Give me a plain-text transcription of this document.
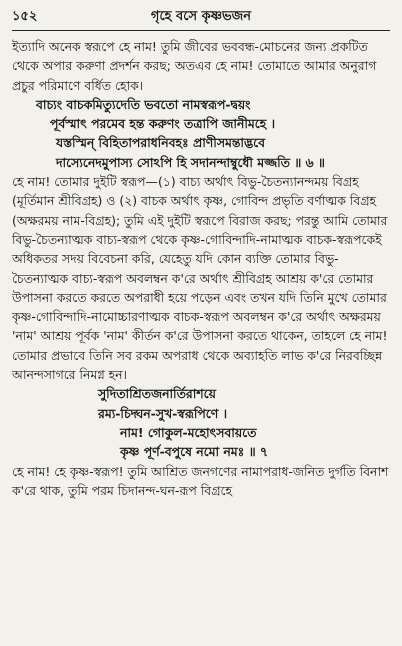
১৫২	গৃহে বসে কৃষ্ণভজন

ইত্যাদি অনেক স্বরূপে হে নাম! তুমি জীবের ভববন্ধ-মোচনের জন্য প্রকটিত থেকে অপার করুণা প্রদর্শন করছ; অতএব হে নাম! তোমাতে আমার অনুরাগ প্রচুর পরিমাণে বর্ধিত হোক।

বাচ্যং বাচকমিত্যুদেতি ভবতো নামস্বরূপ-দ্বয়ং
পূর্বস্মাৎ পরমেব হন্ত করুণং তত্রাপি জানীমহে ।
যস্তস্মিন্ বিহিতাপরাধনিবহঃ প্রাণীসমন্তাদ্ভবে
দাস্যেনেদমুপাস্য সোঽপি হি সদানন্দাম্বুধৌ মজ্জতি ॥ ৬ ॥

হে নাম! তোমার দুইটি স্বরূপ—(১) বাচ্য অর্থাৎ বিভু-চৈতন্যানন্দময় বিগ্রহ (মূর্তিমান শ্রীবিগ্রহ) ও (২) বাচক অর্থাৎ কৃষ্ণ, গোবিন্দ প্রভৃতি বর্ণাত্মক বিগ্রহ (অক্ষরময় নাম-বিগ্রহ); তুমি এই দুইটি স্বরূপে বিরাজ করছ; পরন্তু আমি তোমার বিভু-চৈতন্যাত্মক বাচ্য-স্বরূপ থেকে কৃষ্ণ-গোবিন্দাদি-নামাত্মক বাচক-স্বরূপকেই অধিকতর সদয় বিবেচনা করি, যেহেতু যদি কোন ব্যক্তি তোমার বিভু-চৈতন্যাত্মক বাচ্য-স্বরূপ অবলম্বন ক'রে অর্থাৎ শ্রীবিগ্রহ আশ্রয় ক'রে তোমার উপাসনা করতে করতে অপরাধী হয়ে পড়েন এবং তখন যদি তিনি মুখে তোমার কৃষ্ণ-গোবিন্দাদি-নামোচ্চারণাত্মক বাচক-স্বরূপ অবলম্বন ক'রে অর্থাৎ অক্ষরময় 'নাম' আশ্রয় পূর্বক 'নাম' কীর্তন ক'রে উপাসনা করতে থাকেন, তাহলে হে নাম! তোমার প্রভাবে তিনি সব রকম অপরাধ থেকে অব্যাহতি লাভ ক'রে নিরবচ্ছিন্ন আনন্দসাগরে নিমগ্ন হন।

সুদিতাশ্রিতজনার্তিরাশয়ে
রম্য-চিদ্ঘন-সুখ-স্বরূপিণে ।
নাম! গোকুল-মহোৎসবায়তে
কৃষ্ণ পূর্ণ-বপুষে নমো নমঃ ॥ ৭

হে নাম! হে কৃষ্ণ-স্বরূপ! তুমি আশ্রিত জনগণের নামাপরাধ-জনিত দুর্গতি বিনাশ ক'রে থাক, তুমি পরম চিদানন্দ-ঘন-রূপ বিগ্রহে
